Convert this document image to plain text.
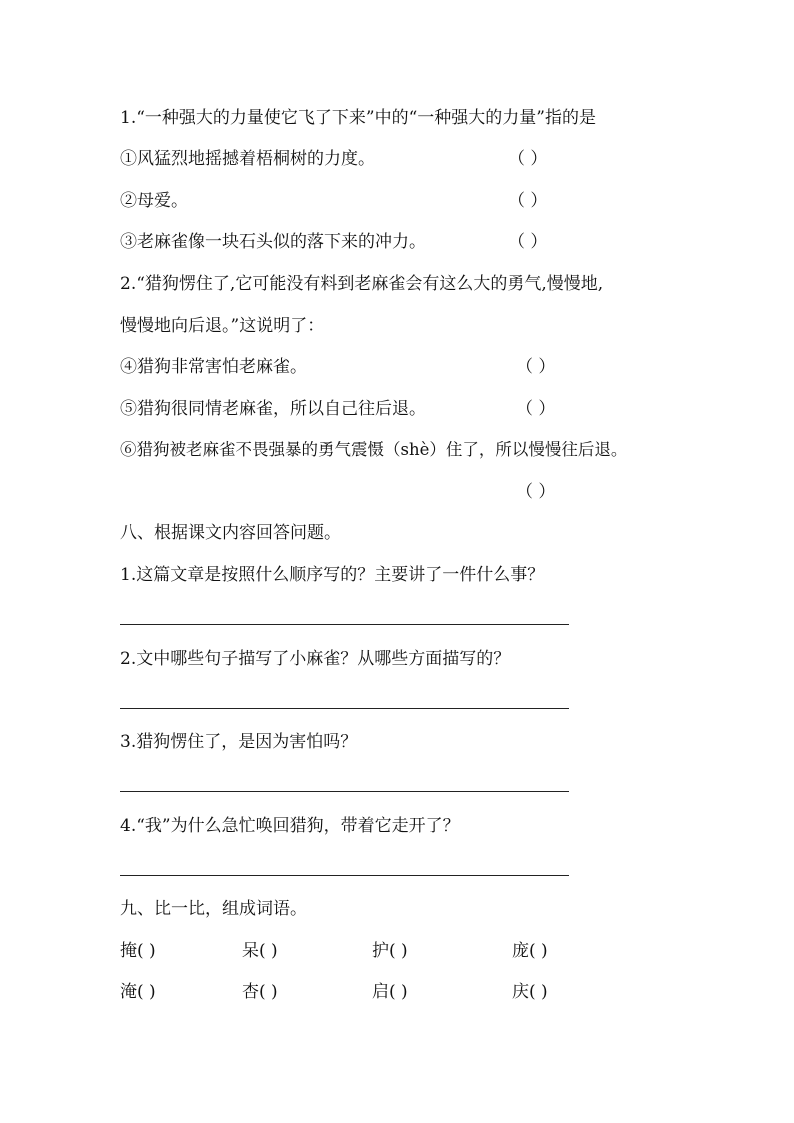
1.“一种强大的力量使它飞了下来”中的“一种强大的力量”指的是
①风猛烈地摇撼着梧桐树的力度。	（ ）
②母爱。	（ ）
③老麻雀像一块石头似的落下来的冲力。	（ ）
2.“猎狗愣住了,它可能没有料到老麻雀会有这么大的勇气,慢慢地,
慢慢地向后退。”这说明了：
④猎狗非常害怕老麻雀。	（ ）
⑤猎狗很同情老麻雀，所以自己往后退。	（ ）
⑥猎狗被老麻雀不畏强暴的勇气震慑（shè）住了，所以慢慢往后退。
（ ）
八、根据课文内容回答问题。
1.这篇文章是按照什么顺序写的？主要讲了一件什么事？
2.文中哪些句子描写了小麻雀？从哪些方面描写的？
3.猎狗愣住了，是因为害怕吗？
4.“我”为什么急忙唤回猎狗，带着它走开了？
九、比一比，组成词语。
掩( )	呆( )	护( )	庞( )
淹( )	杏( )	启( )	庆( )
